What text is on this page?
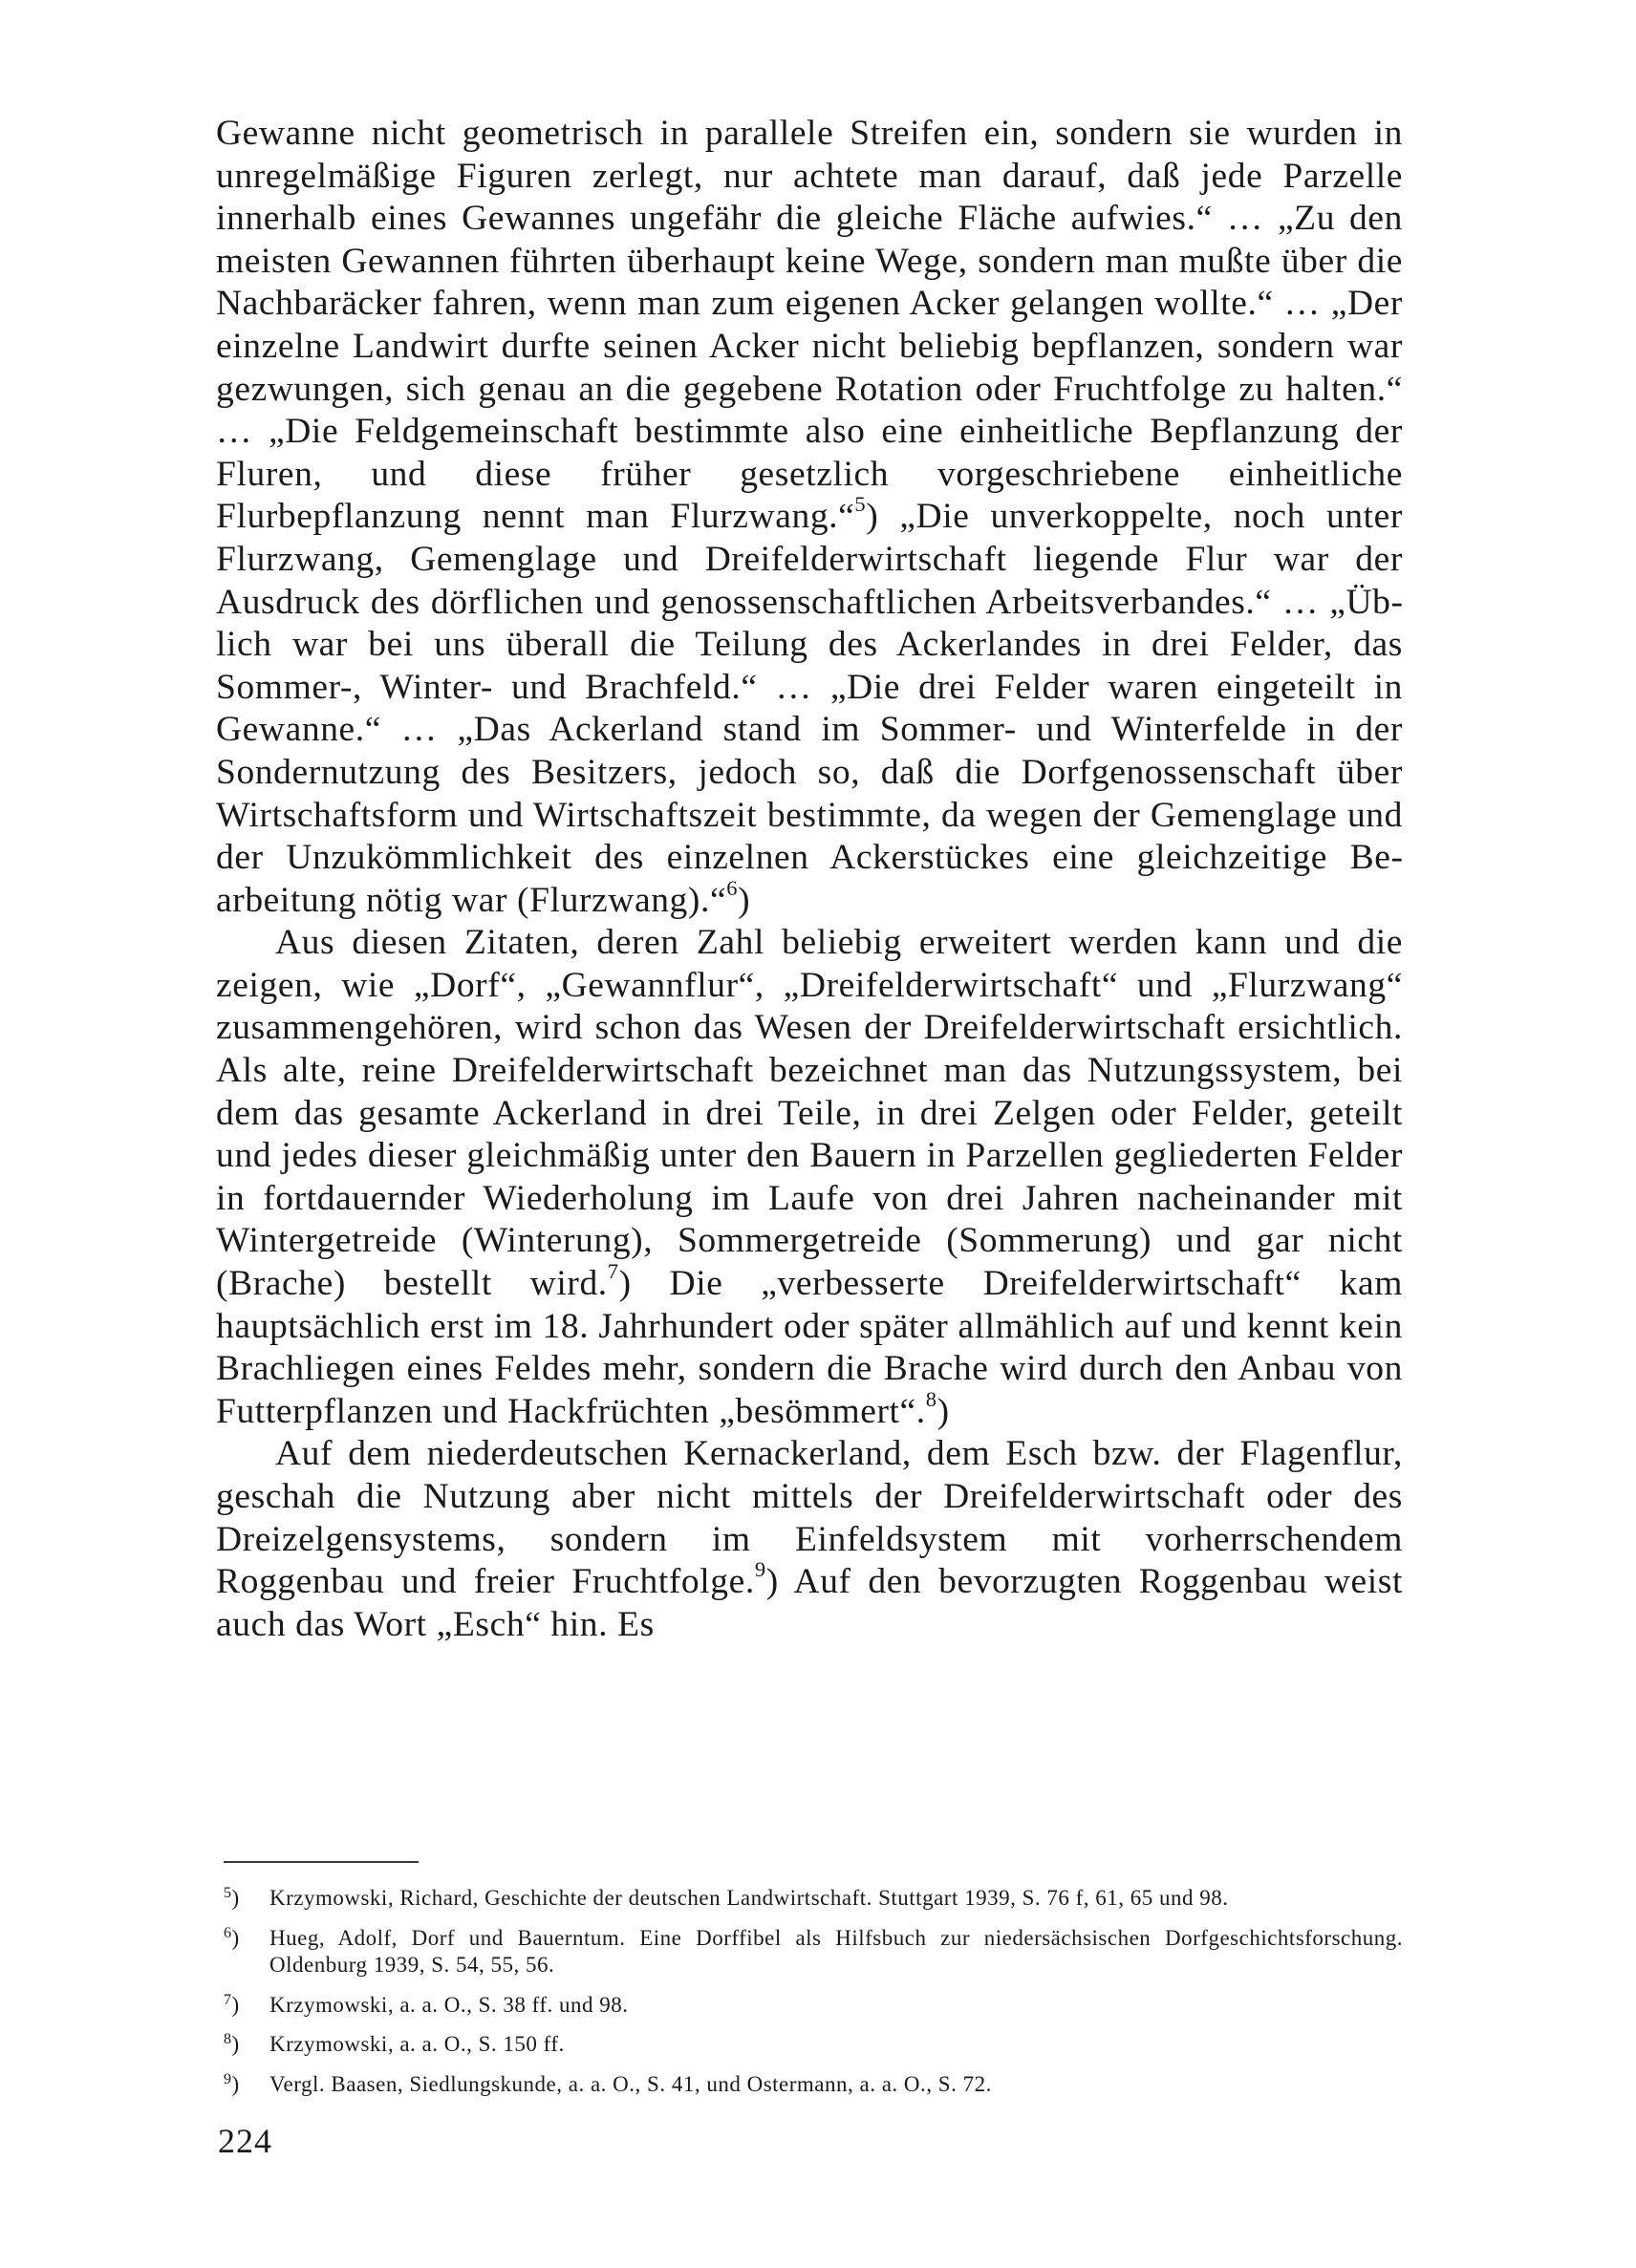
Gewanne nicht geometrisch in parallele Streifen ein, sondern sie wurden in unregelmäßige Figuren zerlegt, nur achtete man darauf, daß jede Parzelle innerhalb eines Gewannes ungefähr die gleiche Fläche aufwies.“ … „Zu den meisten Gewannen führten überhaupt keine Wege, sondern man mußte über die Nachbaräcker fahren, wenn man zum eigenen Acker gelangen wollte.“ … „Der einzelne Landwirt durfte seinen Acker nicht beliebig bepflanzen, sondern war gezwungen, sich genau an die gegebene Rotation oder Fruchtfolge zu halten.“ … „Die Feldgemeinschaft bestimmte also eine einheitliche Bepflanzung der Fluren, und diese früher gesetzlich vorgeschriebene einheitliche Flurbepflanzung nennt man Flurzwang.“$^5$) „Die unverkoppelte, noch unter Flurzwang, Gemenglage und Dreifelderwirtschaft liegende Flur war der Ausdruck des dörflichen und genossenschaftlichen Arbeitsverbandes.“ … „Üblich war bei uns überall die Teilung des Ackerlandes in drei Felder, das Sommer-, Winter- und Brachfeld.“ … „Die drei Felder waren eingeteilt in Gewanne.“ … „Das Ackerland stand im Sommer- und Winterfelde in der Sondernutzung des Besitzers, jedoch so, daß die Dorfgenossenschaft über Wirtschaftsform und Wirtschaftszeit bestimmte, da wegen der Gemenglage und der Unzukömmlichkeit des einzelnen Ackerstückes eine gleichzeitige Bearbeitung nötig war (Flurzwang).“$^6$)

Aus diesen Zitaten, deren Zahl beliebig erweitert werden kann und die zeigen, wie „Dorf“, „Gewannflur“, „Dreifelderwirtschaft“ und „Flurzwang“ zusammengehören, wird schon das Wesen der Dreifelderwirtschaft ersichtlich. Als alte, reine Dreifelderwirtschaft bezeichnet man das Nutzungssystem, bei dem das gesamte Ackerland in drei Teile, in drei Zelgen oder Felder, geteilt und jedes dieser gleichmäßig unter den Bauern in Parzellen gegliederten Felder in fortdauernder Wiederholung im Laufe von drei Jahren nacheinander mit Wintergetreide (Winterung), Sommergetreide (Sommerung) und gar nicht (Brache) bestellt wird.$^7$) Die „verbesserte Dreifelderwirtschaft“ kam hauptsächlich erst im 18. Jahrhundert oder später allmählich auf und kennt kein Brachliegen eines Feldes mehr, sondern die Brache wird durch den Anbau von Futterpflanzen und Hackfrüchten „besömmert“.$^8$)

Auf dem niederdeutschen Kernackerland, dem Esch bzw. der Flagenflur, geschah die Nutzung aber nicht mittels der Dreifelderwirtschaft oder des Dreizelgensystems, sondern im Einfeldsystem mit vorherrschendem Roggenbau und freier Fruchtfolge.$^9$) Auf den bevorzugten Roggenbau weist auch das Wort „Esch“ hin. Es

$^5$) Krzymowski, Richard, Geschichte der deutschen Landwirtschaft. Stuttgart 1939, S. 76 f, 61, 65 und 98.

$^6$) Hueg, Adolf, Dorf und Bauerntum. Eine Dorffibel als Hilfsbuch zur niedersächsischen Dorfgeschichtsforschung. Oldenburg 1939, S. 54, 55, 56.

$^7$) Krzymowski, a. a. O., S. 38 ff. und 98.

$^8$) Krzymowski, a. a. O., S. 150 ff.

$^9$) Vergl. Baasen, Siedlungskunde, a. a. O., S. 41, und Ostermann, a. a. O., S. 72.

224
